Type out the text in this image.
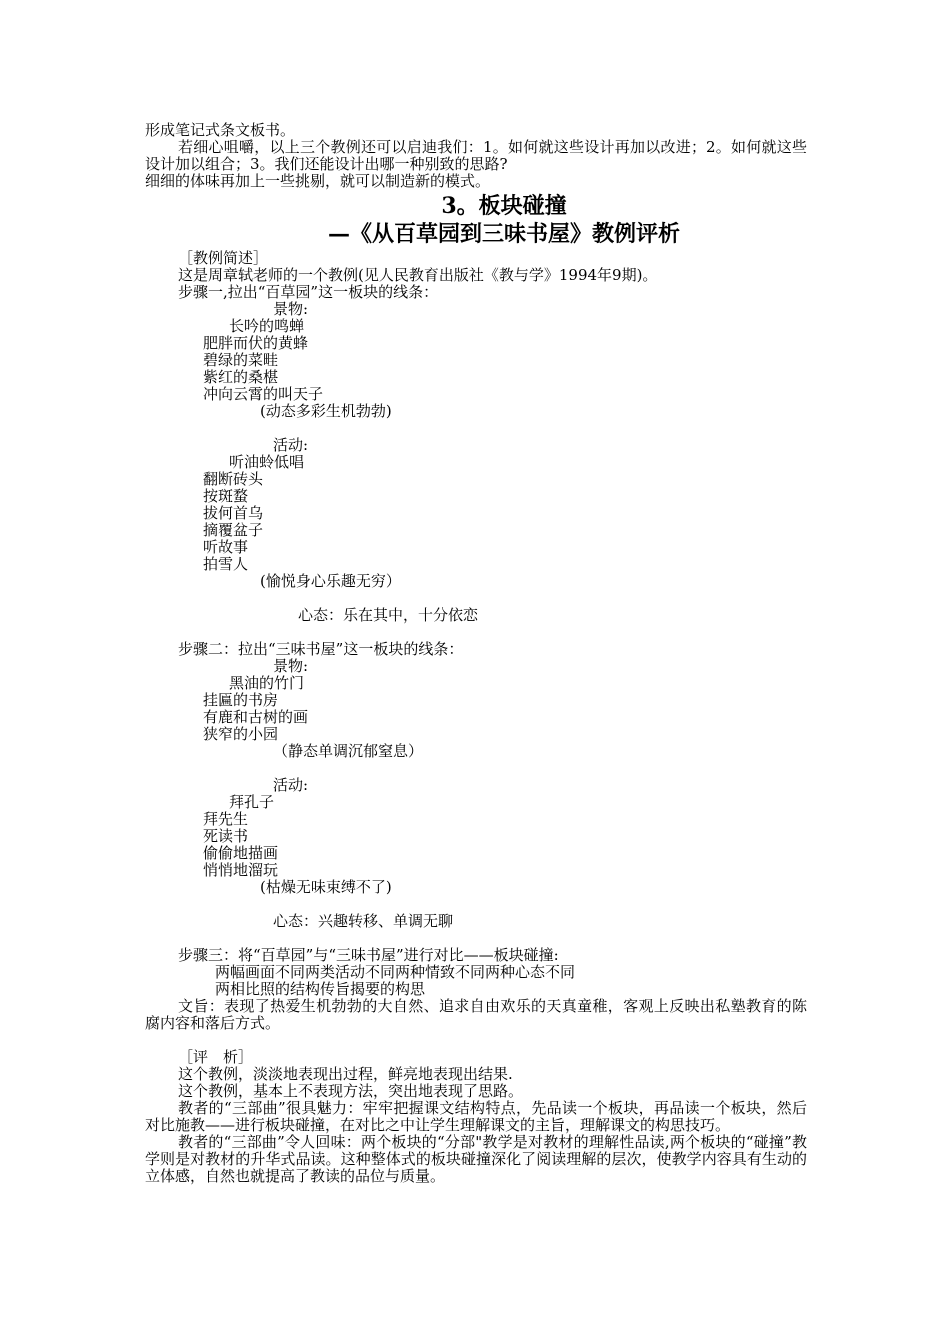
形成笔记式条文板书。

若细心咀嚼，以上三个教例还可以启迪我们：1。如何就这些设计再加以改进；2。如何就这些设计加以组合；3。我们还能设计出哪一种别致的思路?

细细的体味再加上一些挑剔，就可以制造新的模式。

3。板块碰撞

—《从百草园到三味书屋》教例评析

［教例简述］

这是周章轼老师的一个教例(见人民教育出版社《教与学》1994年9期)。

步骤一,拉出“百草园”这一板块的线条：

景物:

长吟的鸣蝉

肥胖而伏的黄蜂

碧绿的菜畦

紫红的桑椹

冲向云霄的叫天子

(动态多彩生机勃勃)

活动:

听油蛉低唱

翻断砖头

按斑蝥

拔何首乌

摘覆盆子

听故事

拍雪人

(愉悦身心乐趣无穷）

心态：乐在其中，十分依恋

步骤二：拉出“三味书屋”这一板块的线条：

景物:

黑油的竹门

挂匾的书房

有鹿和古树的画

狭窄的小园

（静态单调沉郁窒息）

活动:

拜孔子

拜先生

死读书

偷偷地描画

悄悄地溜玩

(枯燥无味束缚不了)

心态：兴趣转移、单调无聊

步骤三：将“百草园”与“三味书屋”进行对比——板块碰撞:

两幅画面不同两类活动不同两种情致不同两种心态不同

两相比照的结构传旨揭要的构思

文旨：表现了热爱生机勃勃的大自然、追求自由欢乐的天真童稚，客观上反映出私塾教育的陈腐内容和落后方式。

［评　析］

这个教例，淡淡地表现出过程，鲜亮地表现出结果.

这个教例，基本上不表现方法，突出地表现了思路。

教者的“三部曲”很具魅力：牢牢把握课文结构特点，先品读一个板块，再品读一个板块，然后对比施教——进行板块碰撞，在对比之中让学生理解课文的主旨，理解课文的构思技巧。

教者的“三部曲”令人回味：两个板块的“分部"教学是对教材的理解性品读,两个板块的“碰撞”教学则是对教材的升华式品读。这种整体式的板块碰撞深化了阅读理解的层次，使教学内容具有生动的立体感，自然也就提高了教读的品位与质量。
